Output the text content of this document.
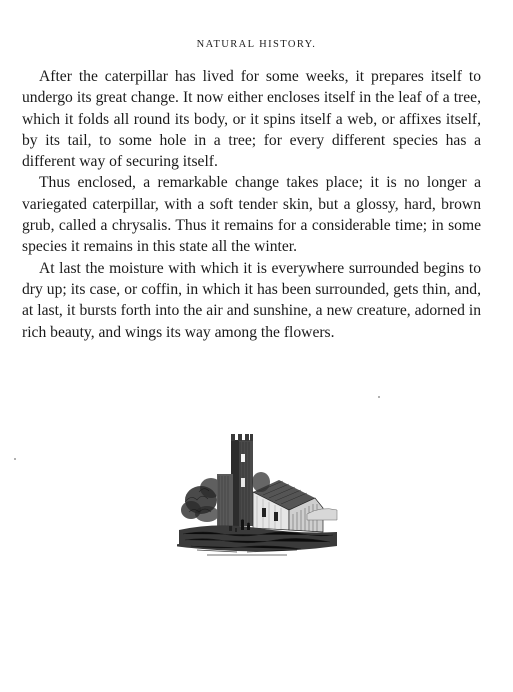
NATURAL HISTORY.

After the caterpillar has lived for some weeks, it prepares itself to undergo its great change. It now either encloses itself in the leaf of a tree, which it folds all round its body, or it spins itself a web, or affixes itself, by its tail, to some hole in a tree; for every different species has a different way of securing itself.

Thus enclosed, a remarkable change takes place; it is no longer a variegated caterpillar, with a soft tender skin, but a glossy, hard, brown grub, called a chrysalis. Thus it remains for a considerable time; in some species it remains in this state all the winter.

At last the moisture with which it is everywhere surrounded begins to dry up; its case, or coffin, in which it has been surrounded, gets thin, and, at last, it bursts forth into the air and sunshine, a new creature, adorned in rich beauty, and wings its way among the flowers.
